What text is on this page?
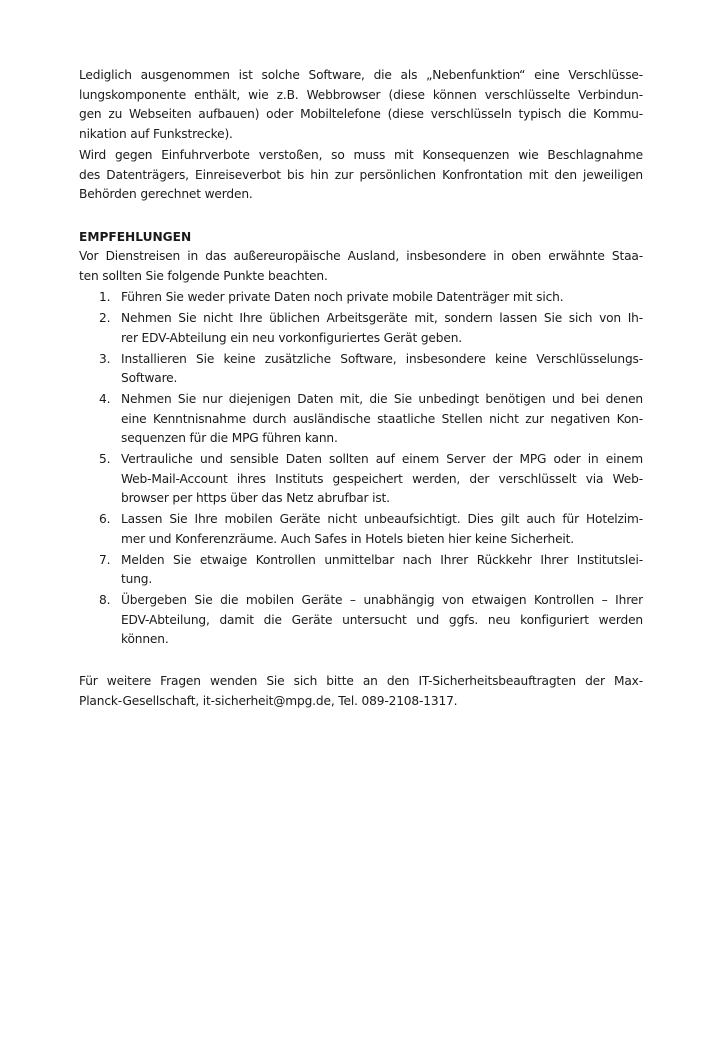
Lediglich ausgenommen ist solche Software, die als „Nebenfunktion“ eine Verschlüsse-
lungskomponente enthält, wie z.B. Webbrowser (diese können verschlüsselte Verbindun-
gen zu Webseiten aufbauen) oder Mobiltelefone (diese verschlüsseln typisch die Kommu-
nikation auf Funkstrecke).
Wird gegen Einfuhrverbote verstoßen, so muss mit Konsequenzen wie Beschlagnahme
des Datenträgers, Einreiseverbot bis hin zur persönlichen Konfrontation mit den jeweiligen
Behörden gerechnet werden.
EMPFEHLUNGEN
Vor Dienstreisen in das außereuropäische Ausland, insbesondere in oben erwähnte Staa-
ten sollten Sie folgende Punkte beachten.
1. Führen Sie weder private Daten noch private mobile Datenträger mit sich.
2. Nehmen Sie nicht Ihre üblichen Arbeitsgeräte mit, sondern lassen Sie sich von Ih-
rer EDV-Abteilung ein neu vorkonfiguriertes Gerät geben.
3. Installieren Sie keine zusätzliche Software, insbesondere keine Verschlüsselungs-
Software.
4. Nehmen Sie nur diejenigen Daten mit, die Sie unbedingt benötigen und bei denen
eine Kenntnisnahme durch ausländische staatliche Stellen nicht zur negativen Kon-
sequenzen für die MPG führen kann.
5. Vertrauliche und sensible Daten sollten auf einem Server der MPG oder in einem
Web-Mail-Account ihres Instituts gespeichert werden, der verschlüsselt via Web-
browser per https über das Netz abrufbar ist.
6. Lassen Sie Ihre mobilen Geräte nicht unbeaufsichtigt. Dies gilt auch für Hotelzim-
mer und Konferenzräume. Auch Safes in Hotels bieten hier keine Sicherheit.
7. Melden Sie etwaige Kontrollen unmittelbar nach Ihrer Rückkehr Ihrer Institutslei-
tung.
8. Übergeben Sie die mobilen Geräte – unabhängig von etwaigen Kontrollen – Ihrer
EDV-Abteilung, damit die Geräte untersucht und ggfs. neu konfiguriert werden
können.
Für weitere Fragen wenden Sie sich bitte an den IT-Sicherheitsbeauftragten der Max-
Planck-Gesellschaft, it-sicherheit@mpg.de, Tel. 089-2108-1317.
